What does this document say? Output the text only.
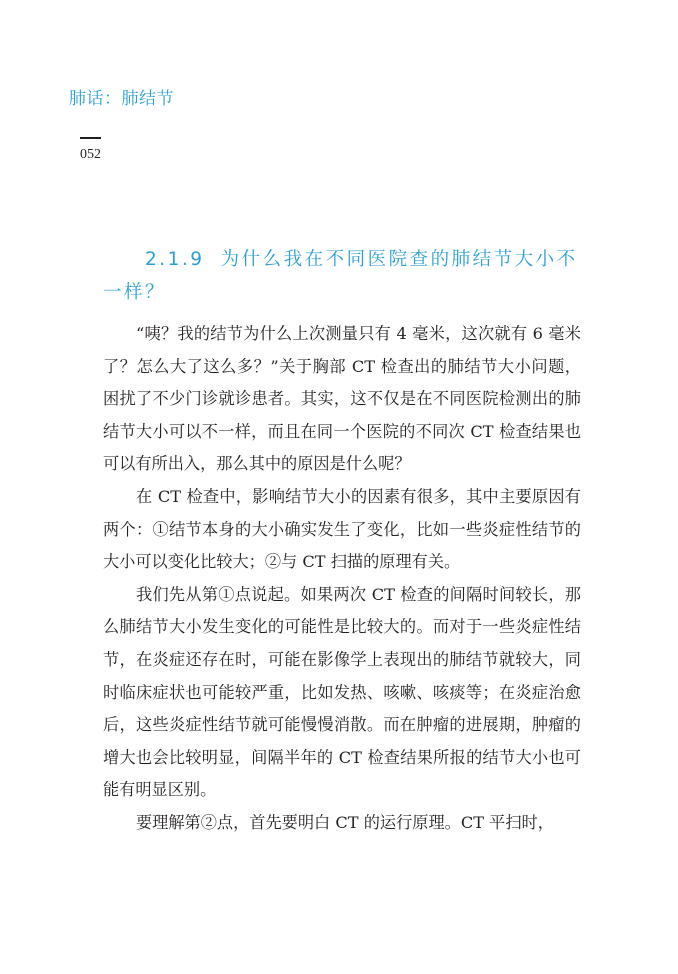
肺话：肺结节
052
2.1.9 为什么我在不同医院查的肺结节大小不一样？

“咦？我的结节为什么上次测量只有 4 毫米，这次就有 6 毫米了？怎么大了这么多？”关于胸部 CT 检查出的肺结节大小问题，困扰了不少门诊就诊患者。其实，这不仅是在不同医院检测出的肺结节大小可以不一样，而且在同一个医院的不同次 CT 检查结果也可以有所出入，那么其中的原因是什么呢？

在 CT 检查中，影响结节大小的因素有很多，其中主要原因有两个：①结节本身的大小确实发生了变化，比如一些炎症性结节的大小可以变化比较大；②与 CT 扫描的原理有关。

我们先从第①点说起。如果两次 CT 检查的间隔时间较长，那么肺结节大小发生变化的可能性是比较大的。而对于一些炎症性结节，在炎症还存在时，可能在影像学上表现出的肺结节就较大，同时临床症状也可能较严重，比如发热、咳嗽、咳痰等；在炎症治愈后，这些炎症性结节就可能慢慢消散。而在肿瘤的进展期，肿瘤的增大也会比较明显，间隔半年的 CT 检查结果所报的结节大小也可能有明显区别。

要理解第②点，首先要明白 CT 的运行原理。CT 平扫时，
